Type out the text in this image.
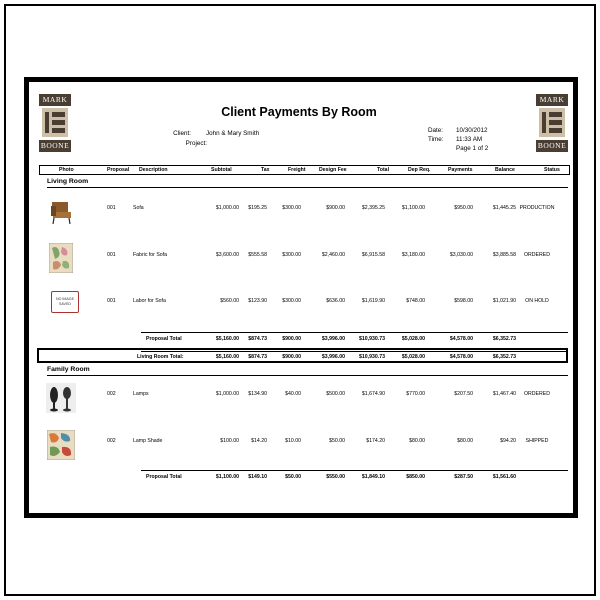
MARK
BOONE
MARK
BOONE
Client Payments By Room
Client: John & Mary Smith
Project:
Date: 10/30/2012
Time: 11:33 AM
Page 1 of 2
Photo	Proposal Description	Subtotal	Tax	Freight	Design Fee	Total	Dep Req.	Payments	Balance	Status
Living Room
001	Sofa	$1,000.00	$195.25	$300.00	$900.00	$2,395.25	$1,100.00	$950.00	$1,445.25 PRODUCTION
001	Fabric for Sofa	$3,600.00	$555.58	$300.00	$2,460.00	$6,915.58	$3,180.00	$3,030.00	$3,885.58	ORDERED
NO IMAGE SAVED	001	Labor for Sofa	$560.00	$123.90	$300.00	$636.00	$1,619.90	$748.00	$598.00	$1,021.90	ON HOLD
Proposal Total	$5,160.00	$874.73	$900.00	$3,996.00	$10,930.73	$5,028.00	$4,578.00	$6,352.73
Living Room Total:	$5,160.00	$874.73	$900.00	$3,996.00	$10,930.73	$5,028.00	$4,578.00	$6,352.73
Family Room
002	Lamps	$1,000.00	$134.90	$40.00	$500.00	$1,674.90	$770.00	$207.50	$1,467.40	ORDERED
002	Lamp Shade	$100.00	$14.20	$10.00	$50.00	$174.20	$80.00	$80.00	$94.20	SHIPPED
Proposal Total	$1,100.00	$149.10	$50.00	$550.00	$1,849.10	$850.00	$287.50	$1,561.60
